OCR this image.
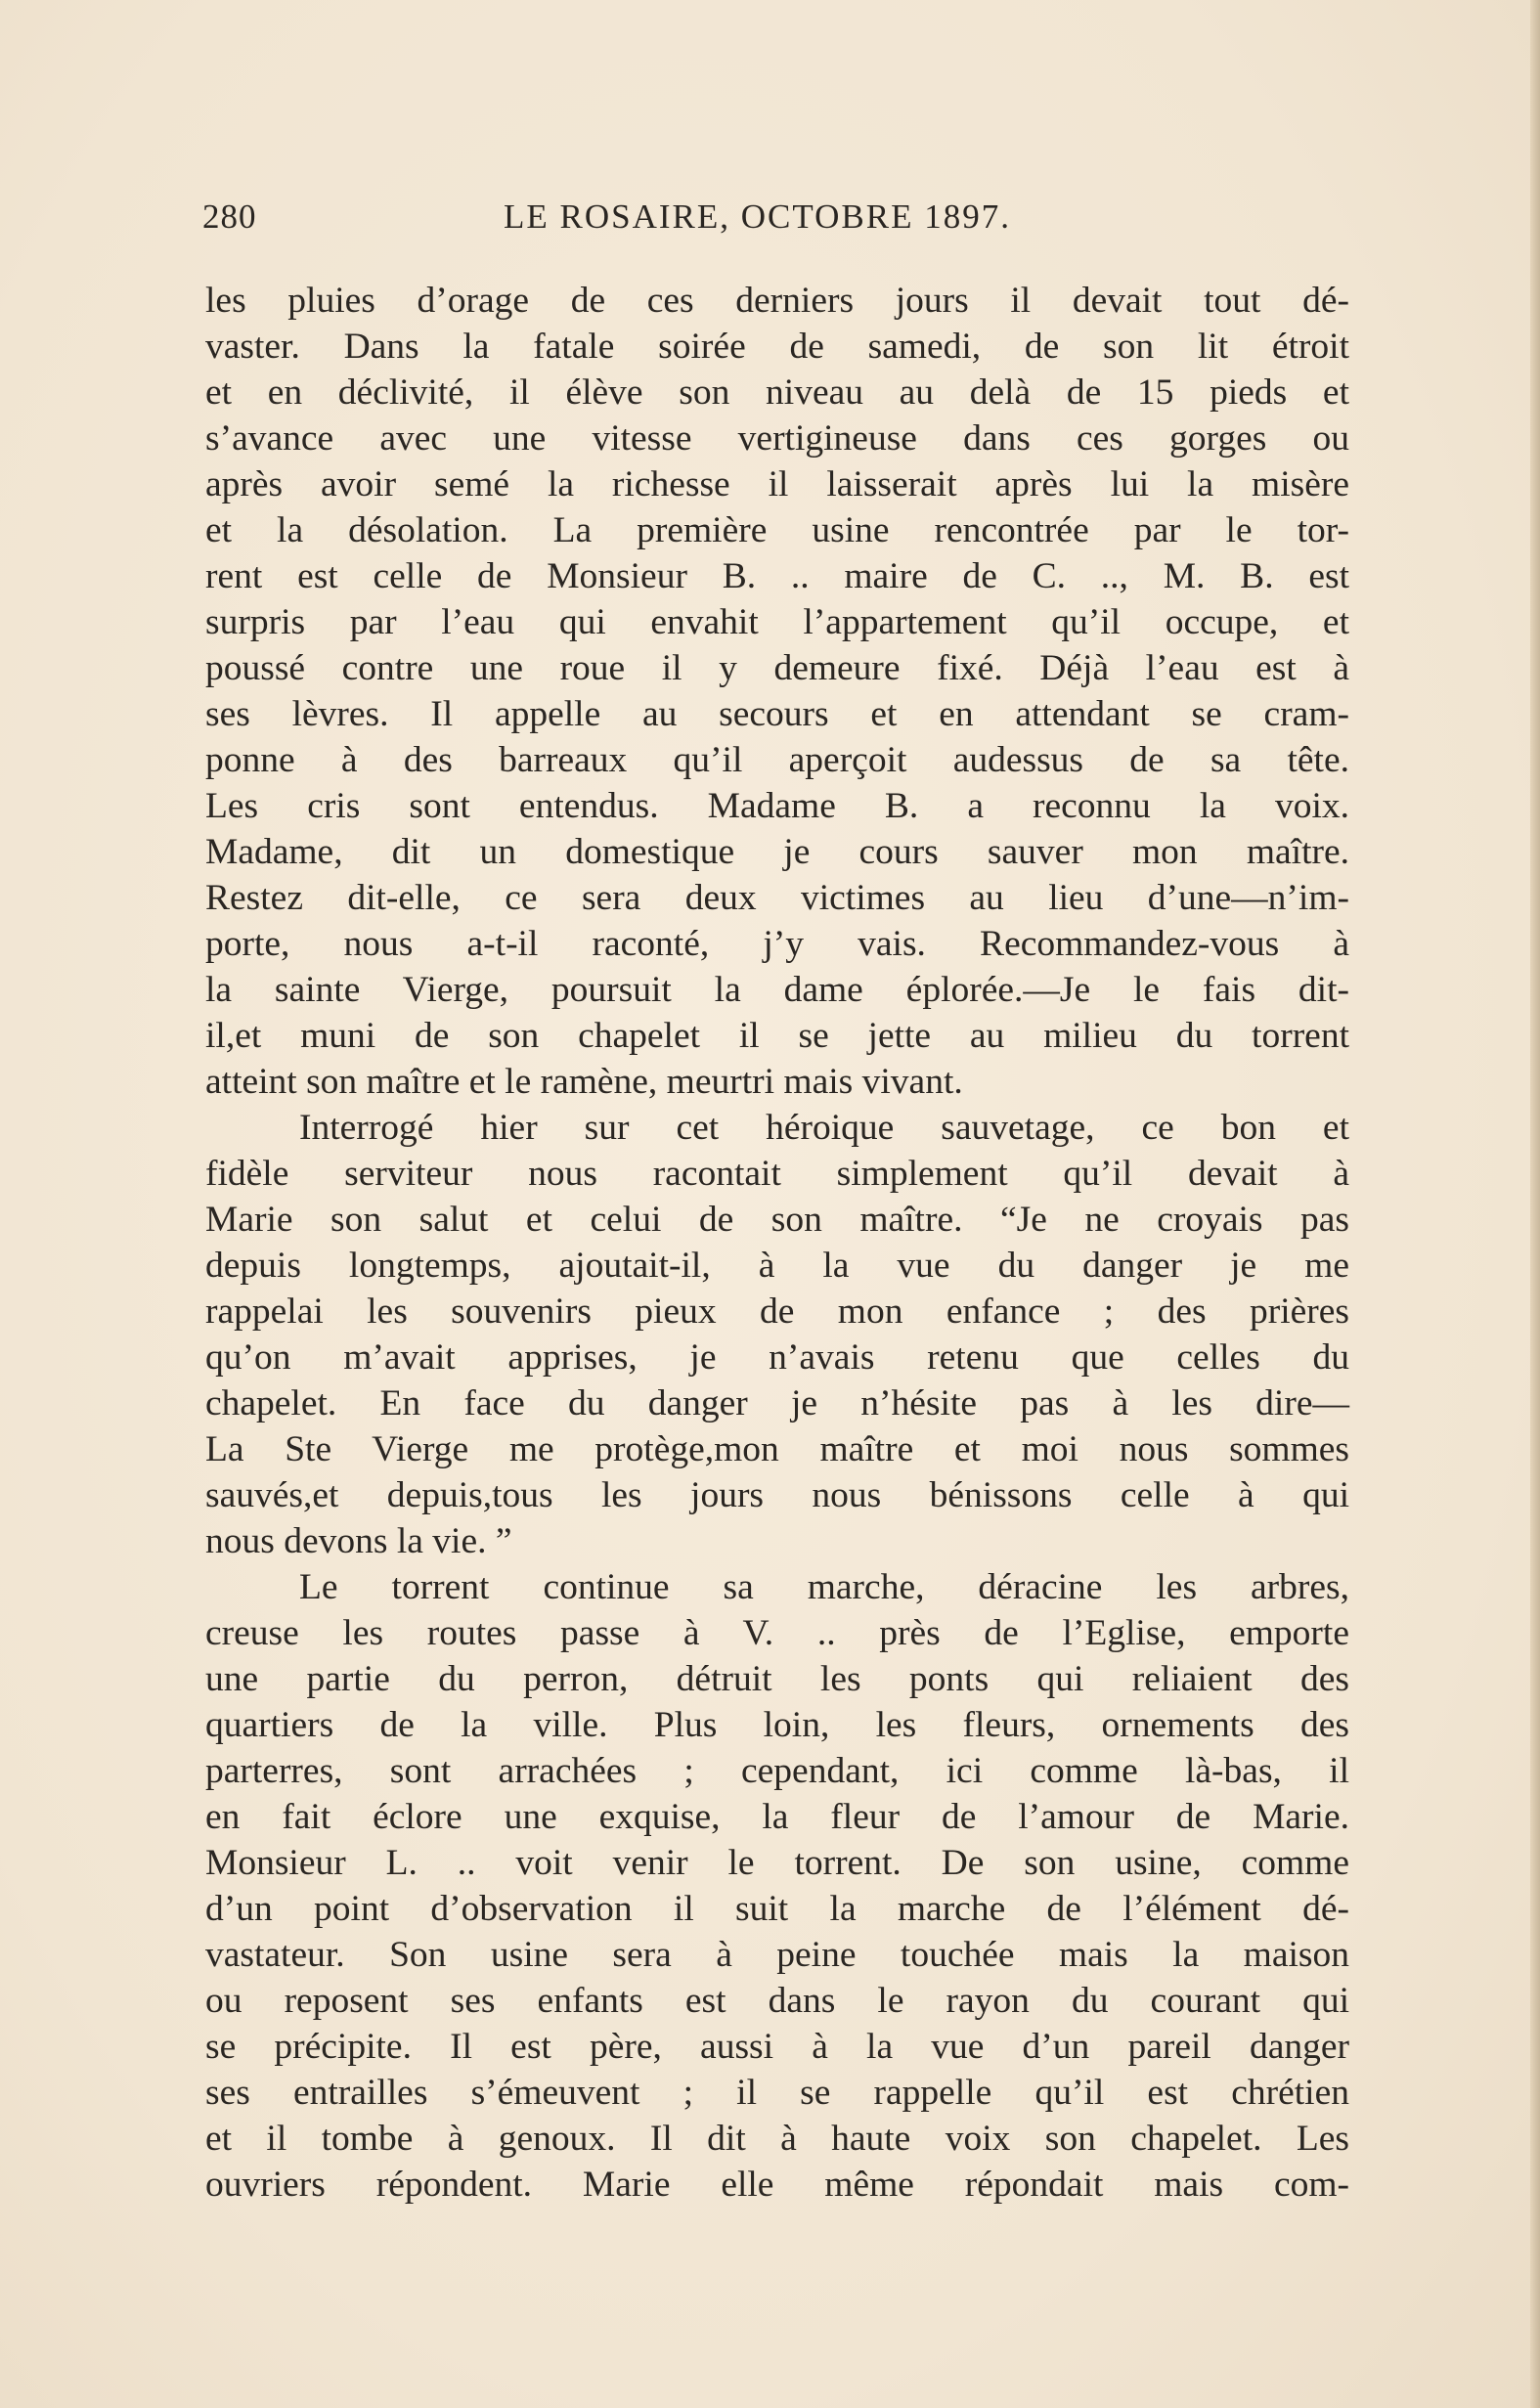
280	LE ROSAIRE, OCTOBRE 1897.
les pluies d’orage de ces derniers jours il devait tout dé-
vaster. Dans la fatale soirée de samedi, de son lit étroit
et en déclivité, il élève son niveau au delà de 15 pieds et
s’avance avec une vitesse vertigineuse dans ces gorges ou
après avoir semé la richesse il laisserait après lui la misère
et la désolation. La première usine rencontrée par le tor-
rent est celle de Monsieur B. .. maire de C. .., M. B. est
surpris par l’eau qui envahit l’appartement qu’il occupe, et
poussé contre une roue il y demeure fixé. Déjà l’eau est à
ses lèvres. Il appelle au secours et en attendant se cram-
ponne à des barreaux qu’il aperçoit audessus de sa tête.
Les cris sont entendus. Madame B. a reconnu la voix.
Madame, dit un domestique je cours sauver mon maître.
Restez dit-elle, ce sera deux victimes au lieu d’une—n’im-
porte, nous a-t-il raconté, j’y vais. Recommandez-vous à
la sainte Vierge, poursuit la dame éplorée.—Je le fais dit-
il,et muni de son chapelet il se jette au milieu du torrent
atteint son maître et le ramène, meurtri mais vivant.
Interrogé hier sur cet héroique sauvetage, ce bon et
fidèle serviteur nous racontait simplement qu’il devait à
Marie son salut et celui de son maître. “Je ne croyais pas
depuis longtemps, ajoutait-il, à la vue du danger je me
rappelai les souvenirs pieux de mon enfance ; des prières
qu’on m’avait apprises, je n’avais retenu que celles du
chapelet. En face du danger je n’hésite pas à les dire—
La Ste Vierge me protège,mon maître et moi nous sommes
sauvés,et depuis,tous les jours nous bénissons celle à qui
nous devons la vie. ”
Le torrent continue sa marche, déracine les arbres,
creuse les routes passe à V. .. près de l’Eglise, emporte
une partie du perron, détruit les ponts qui reliaient des
quartiers de la ville. Plus loin, les fleurs, ornements des
parterres, sont arrachées ; cependant, ici comme là-bas, il
en fait éclore une exquise, la fleur de l’amour de Marie.
Monsieur L. .. voit venir le torrent. De son usine, comme
d’un point d’observation il suit la marche de l’élément dé-
vastateur. Son usine sera à peine touchée mais la maison
ou reposent ses enfants est dans le rayon du courant qui
se précipite. Il est père, aussi à la vue d’un pareil danger
ses entrailles s’émeuvent ; il se rappelle qu’il est chrétien
et il tombe à genoux. Il dit à haute voix son chapelet. Les
ouvriers répondent. Marie elle même répondait mais com-
